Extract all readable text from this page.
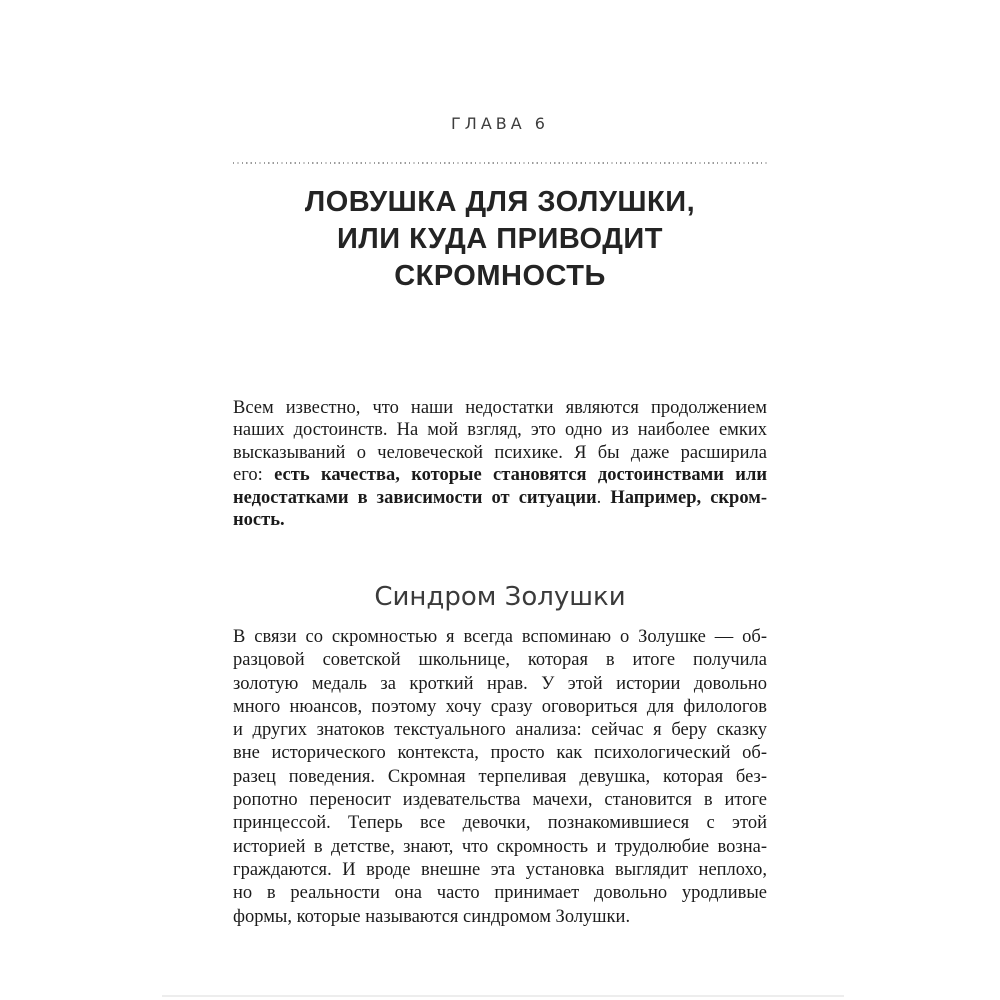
ГЛАВА 6
ЛОВУШКА ДЛЯ ЗОЛУШКИ,
ИЛИ КУДА ПРИВОДИТ
СКРОМНОСТЬ
Всем известно, что наши недостатки являются продолжением
наших достоинств. На мой взгляд, это одно из наиболее емких
высказываний о человеческой психике. Я бы даже расширила
его: есть качества, которые становятся достоинствами или
недостатками в зависимости от ситуации. Например, скром-
ность.
Синдром Золушки
В связи со скромностью я всегда вспоминаю о Золушке — об-
разцовой советской школьнице, которая в итоге получила
золотую медаль за кроткий нрав. У этой истории довольно
много нюансов, поэтому хочу сразу оговориться для филологов
и других знатоков текстуального анализа: сейчас я беру сказку
вне исторического контекста, просто как психологический об-
разец поведения. Скромная терпеливая девушка, которая без-
ропотно переносит издевательства мачехи, становится в итоге
принцессой. Теперь все девочки, познакомившиеся с этой
историей в детстве, знают, что скромность и трудолюбие возна-
граждаются. И вроде внешне эта установка выглядит неплохо,
но в реальности она часто принимает довольно уродливые
формы, которые называются синдромом Золушки.
